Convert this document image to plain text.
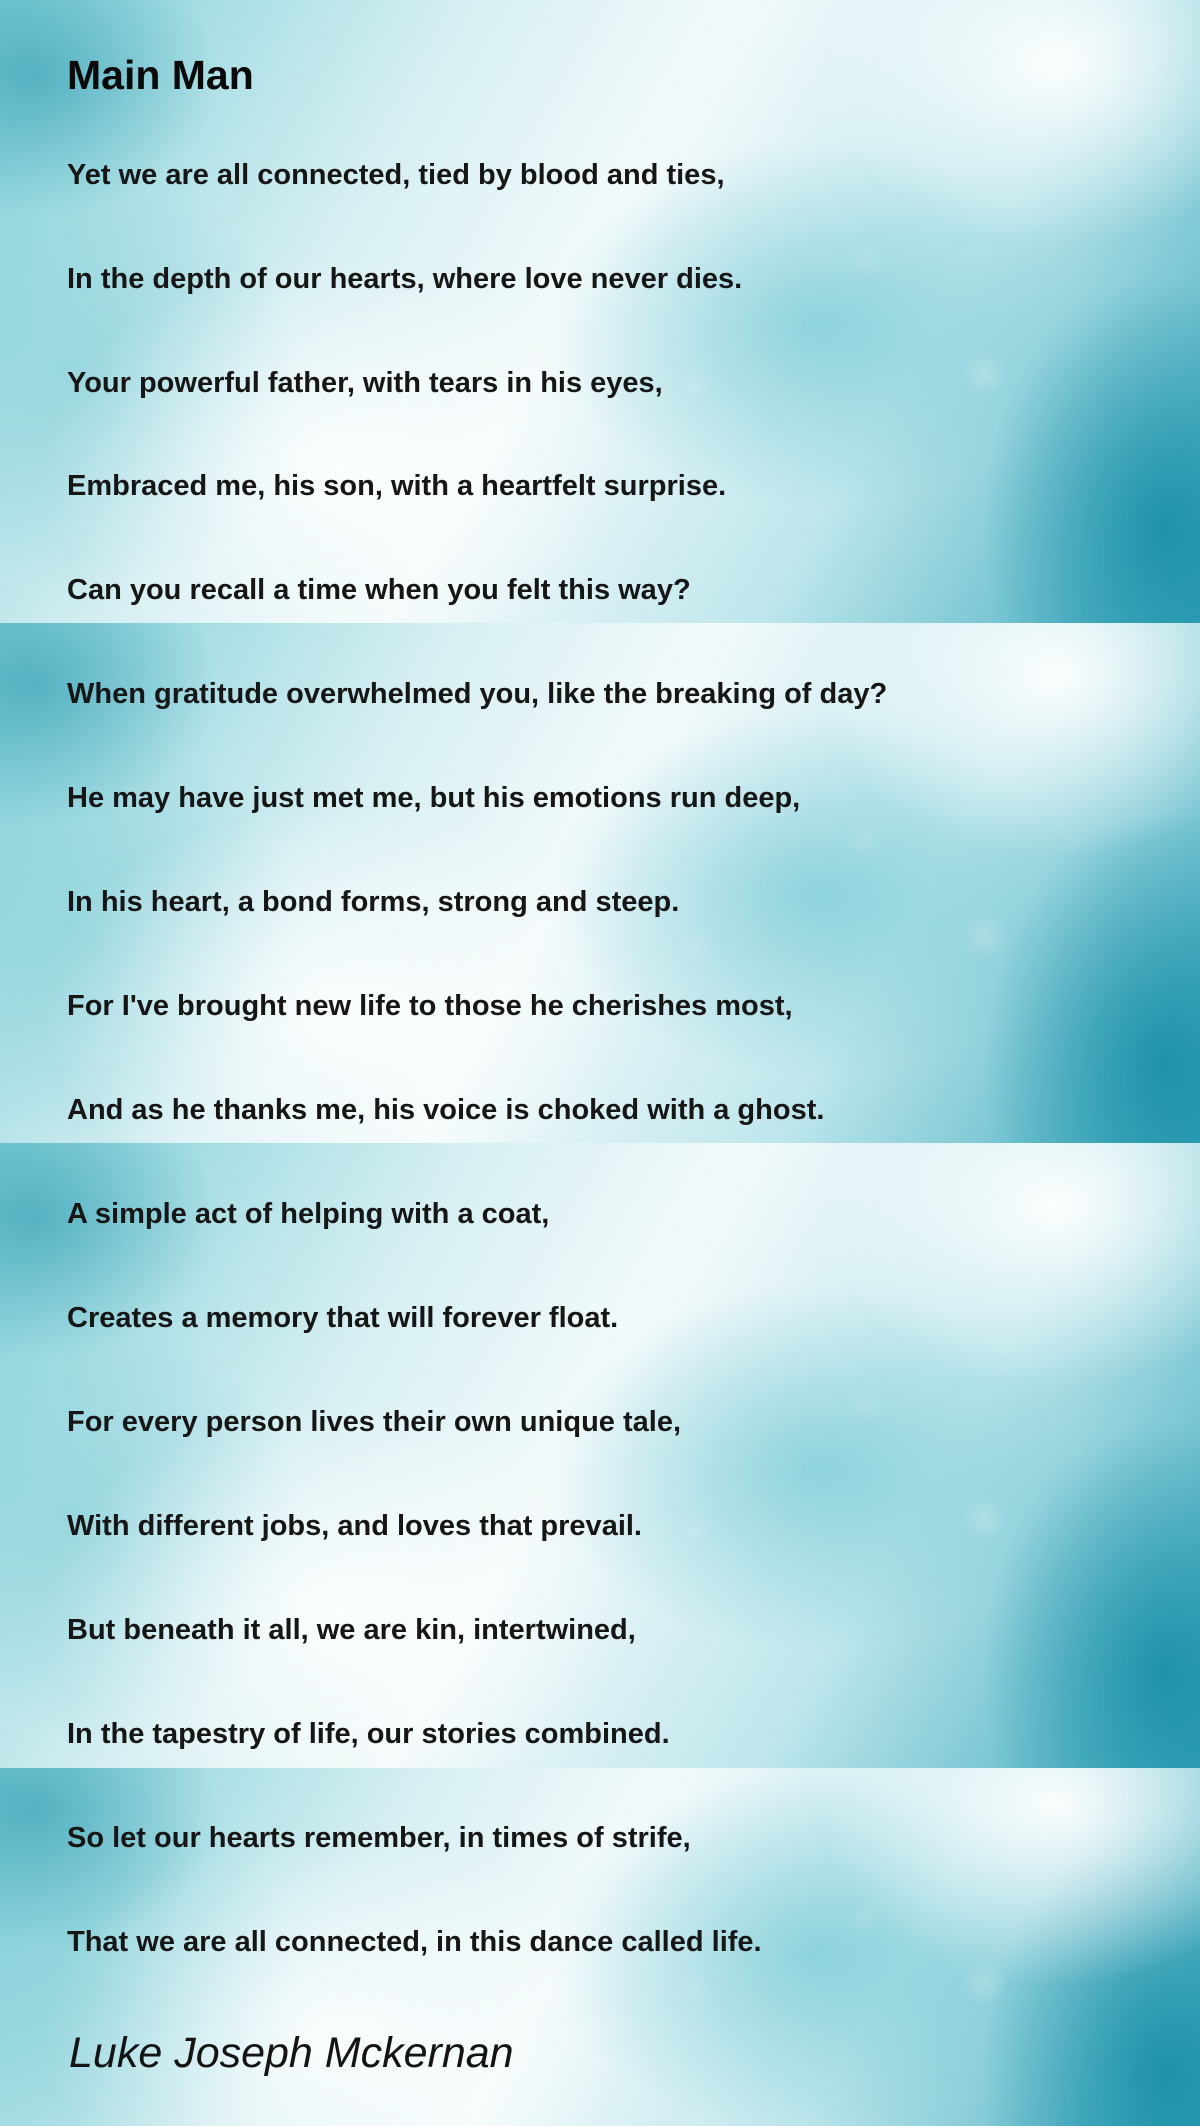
Main Man

Yet we are all connected, tied by blood and ties,

In the depth of our hearts, where love never dies.

Your powerful father, with tears in his eyes,

Embraced me, his son, with a heartfelt surprise.

Can you recall a time when you felt this way?

When gratitude overwhelmed you, like the breaking of day?

He may have just met me, but his emotions run deep,

In his heart, a bond forms, strong and steep.

For I've brought new life to those he cherishes most,

And as he thanks me, his voice is choked with a ghost.

A simple act of helping with a coat,

Creates a memory that will forever float.

For every person lives their own unique tale,

With different jobs, and loves that prevail.

But beneath it all, we are kin, intertwined,

In the tapestry of life, our stories combined.

So let our hearts remember, in times of strife,

That we are all connected, in this dance called life.

Luke Joseph Mckernan
